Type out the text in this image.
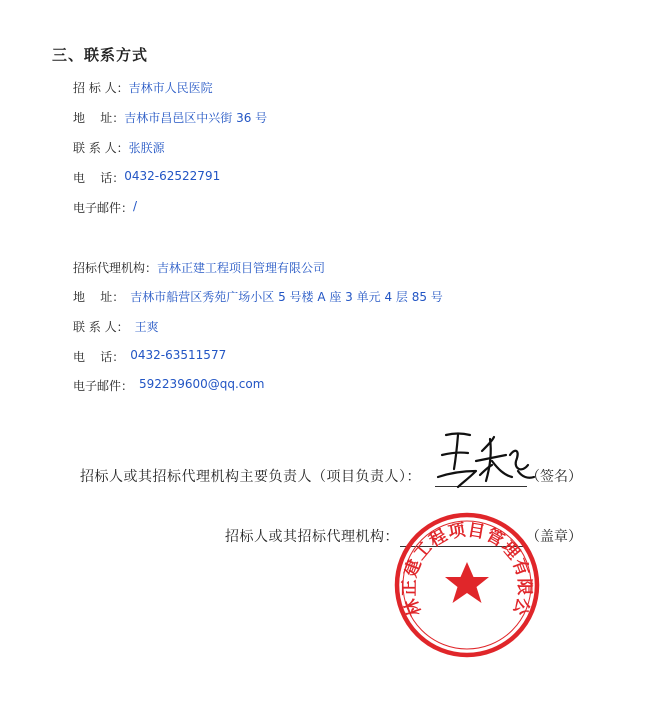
三、联系方式
招 标 人： 吉林市人民医院
地    址： 吉林市昌邑区中兴街 36 号
联 系 人： 张朕源
电    话： 0432-62522791
电子邮件： /
招标代理机构： 吉林正建工程项目管理有限公司
地    址： 吉林市船营区秀苑广场小区 5 号楼 A 座 3 单元 4 层 85 号
联 系 人： 王爽
电    话： 0432-63511577
电子邮件： 592239600@qq.com
招标人或其招标代理机构主要负责人（项目负责人）：	（签名）
招标人或其招标代理机构：	（盖章）
吉林正建工程项目管理有限公司
